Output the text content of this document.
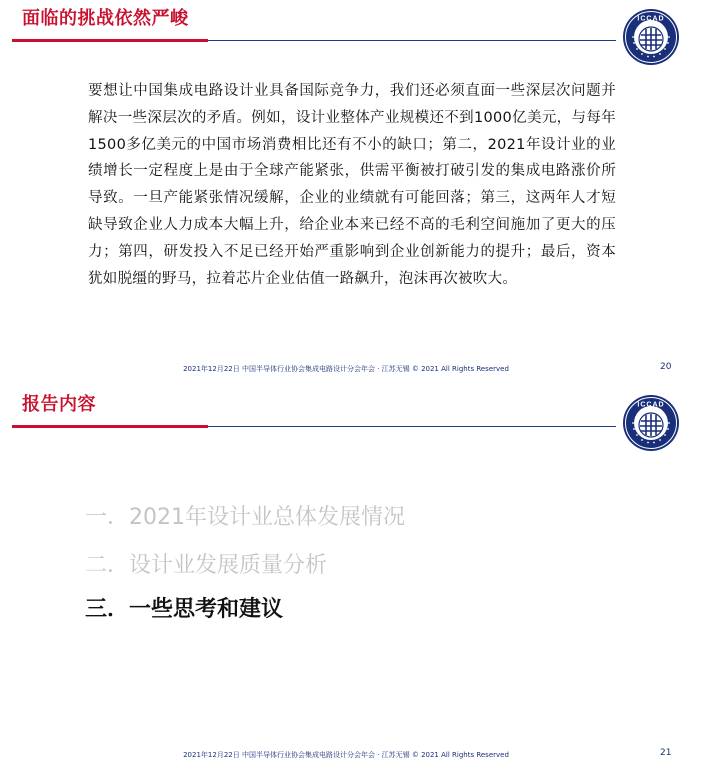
面临的挑战依然严峻	ICCAD

要想让中国集成电路设计业具备国际竞争力，我们还必须直面一些深层次问题并解决一些深层次的矛盾。例如，设计业整体产业规模还不到1000亿美元，与每年1500多亿美元的中国市场消费相比还有不小的缺口；第二，2021年设计业的业绩增长一定程度上是由于全球产能紧张，供需平衡被打破引发的集成电路涨价所导致。一旦产能紧张情况缓解，企业的业绩就有可能回落；第三，这两年人才短缺导致企业人力成本大幅上升，给企业本来已经不高的毛利空间施加了更大的压力；第四，研发投入不足已经开始严重影响到企业创新能力的提升；最后，资本犹如脱缰的野马，拉着芯片企业估值一路飙升，泡沫再次被吹大。

2021年12月22日 中国半导体行业协会集成电路设计分会年会 · 江苏无锡 © 2021 All Rights Reserved	20
报告内容	ICCAD
一．2021年设计业总体发展情况
二．设计业发展质量分析
三．一些思考和建议
2021年12月22日 中国半导体行业协会集成电路设计分会年会 · 江苏无锡 © 2021 All Rights Reserved	21
